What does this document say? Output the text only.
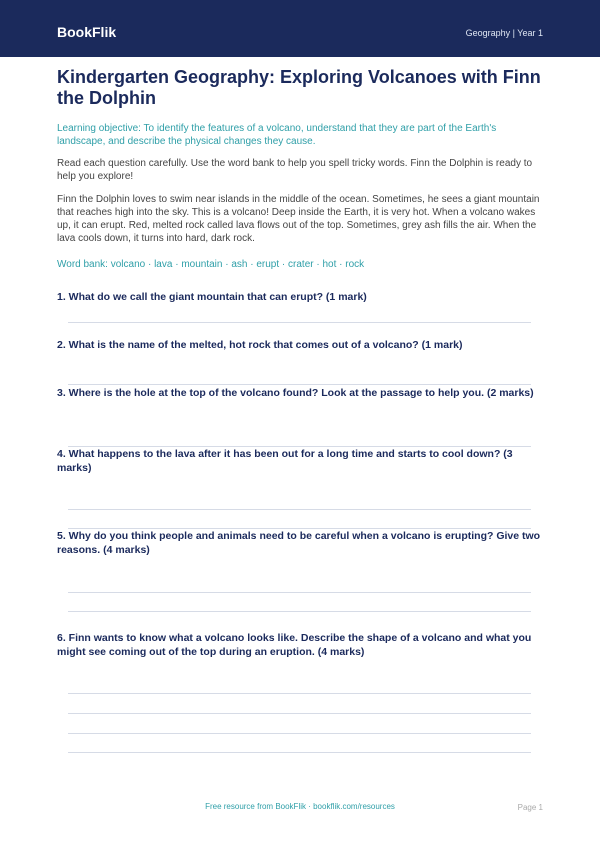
BookFlik	Geography | Year 1
Kindergarten Geography: Exploring Volcanoes with Finn the Dolphin
Learning objective: To identify the features of a volcano, understand that they are part of the Earth's landscape, and describe the physical changes they cause.
Read each question carefully. Use the word bank to help you spell tricky words. Finn the Dolphin is ready to help you explore!
Finn the Dolphin loves to swim near islands in the middle of the ocean. Sometimes, he sees a giant mountain that reaches high into the sky. This is a volcano! Deep inside the Earth, it is very hot. When a volcano wakes up, it can erupt. Red, melted rock called lava flows out of the top. Sometimes, grey ash fills the air. When the lava cools down, it turns into hard, dark rock.
Word bank: volcano · lava · mountain · ash · erupt · crater · hot · rock
1. What do we call the giant mountain that can erupt? (1 mark)
2. What is the name of the melted, hot rock that comes out of a volcano? (1 mark)
3. Where is the hole at the top of the volcano found? Look at the passage to help you. (2 marks)
4. What happens to the lava after it has been out for a long time and starts to cool down? (3 marks)
5. Why do you think people and animals need to be careful when a volcano is erupting? Give two reasons. (4 marks)
6. Finn wants to know what a volcano looks like. Describe the shape of a volcano and what you might see coming out of the top during an eruption. (4 marks)
Free resource from BookFlik · bookflik.com/resources	Page 1
